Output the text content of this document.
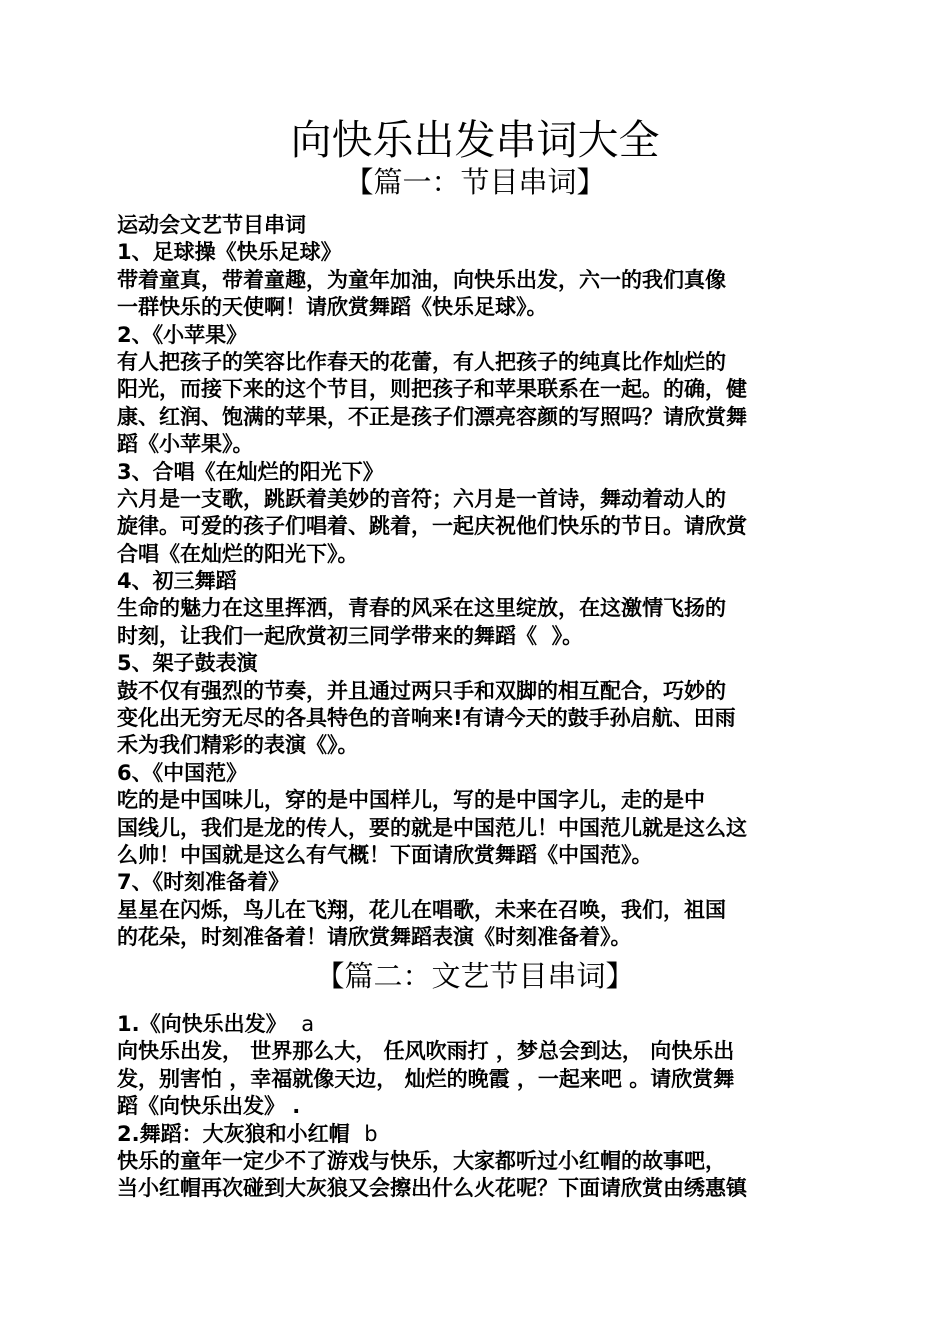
向快乐出发串词大全
【篇一：节目串词】
运动会文艺节目串词
1、足球操《快乐足球》
带着童真，带着童趣，为童年加油，向快乐出发，六一的我们真像
一群快乐的天使啊！请欣赏舞蹈《快乐足球》。
2、《小苹果》
有人把孩子的笑容比作春天的花蕾，有人把孩子的纯真比作灿烂的
阳光，而接下来的这个节目，则把孩子和苹果联系在一起。的确，健
康、红润、饱满的苹果，不正是孩子们漂亮容颜的写照吗？请欣赏舞
蹈《小苹果》。
3、合唱《在灿烂的阳光下》
六月是一支歌，跳跃着美妙的音符；六月是一首诗，舞动着动人的
旋律。可爱的孩子们唱着、跳着，一起庆祝他们快乐的节日。请欣赏
合唱《在灿烂的阳光下》。
4、初三舞蹈
生命的魅力在这里挥洒，青春的风采在这里绽放，在这激情飞扬的
时刻，让我们一起欣赏初三同学带来的舞蹈《  》。
5、架子鼓表演
鼓不仅有强烈的节奏，并且通过两只手和双脚的相互配合，巧妙的
变化出无穷无尽的各具特色的音响来!有请今天的鼓手孙启航、田雨
禾为我们精彩的表演《》。
6、《中国范》
吃的是中国味儿，穿的是中国样儿，写的是中国字儿，走的是中
国线儿，我们是龙的传人，要的就是中国范儿！中国范儿就是这么这
么帅！中国就是这么有气概！下面请欣赏舞蹈《中国范》。
7、《时刻准备着》
星星在闪烁，鸟儿在飞翔，花儿在唱歌，未来在召唤，我们，祖国
的花朵，时刻准备着！请欣赏舞蹈表演《时刻准备着》。
【篇二：文艺节目串词】
1.《向快乐出发》 a
向快乐出发， 世界那么大， 任风吹雨打 ，梦总会到达， 向快乐出
发，别害怕 ，幸福就像天边， 灿烂的晚霞 ，一起来吧 。请欣赏舞
蹈《向快乐出发》 .
2.舞蹈：大灰狼和小红帽 b
快乐的童年一定少不了游戏与快乐，大家都听过小红帽的故事吧，
当小红帽再次碰到大灰狼又会擦出什么火花呢？下面请欣赏由绣惠镇
